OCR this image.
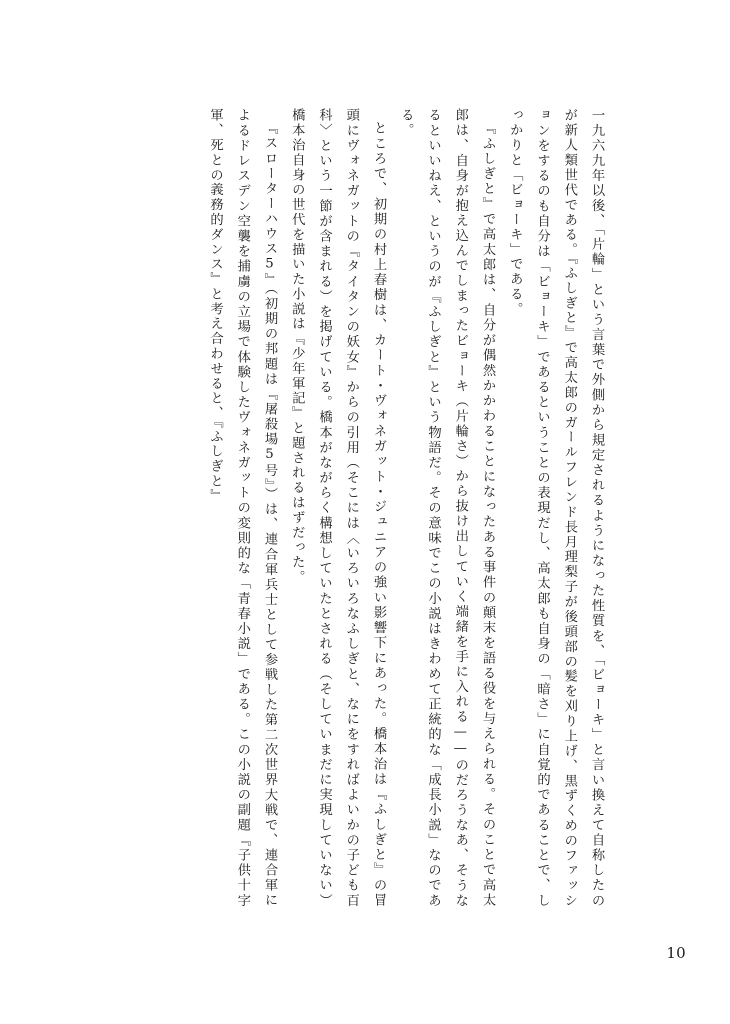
一九六九年以後、「片輪」という言葉で外側から規定されるようになった性質を、「ビョーキ」と言い換えて自称したのが新人類世代である。『ふしぎと』で高太郎のガールフレンド長月理梨子が後頭部の髪を刈り上げ、黒ずくめのファッションをするのも自分は「ビョーキ」であるということの表現だし、高太郎も自身の「暗さ」に自覚的であることで、しっかりと「ビョーキ」である。

『ふしぎと』で高太郎は、自分が偶然かかわることになったある事件の顛末を語る役を与えられる。そのことで高太郎は、自身が抱え込んでしまったビョーキ（片輪さ）から抜け出していく端緒を手に入れる——のだろうなあ、そうなるといいねえ、というのが『ふしぎと』という物語だ。その意味でこの小説はきわめて正統的な「成長小説」なのである。

ところで、初期の村上春樹は、カート・ヴォネガット・ジュニアの強い影響下にあった。橋本治は『ふしぎと』の冒頭にヴォネガットの『タイタンの妖女』からの引用（そこには〈いろいろなふしぎと、なにをすればよいかの子ども百科〉という一節が含まれる）を掲げている。橋本がながらく構想していたとされる（そしていまだに実現していない）橋本治自身の世代を描いた小説は『少年軍記』と題されるはずだった。

『スローターハウス5』（初期の邦題は『屠殺場5号』）は、連合軍兵士として参戦した第二次世界大戦で、連合軍によるドレスデン空襲を捕虜の立場で体験したヴォネガットの変則的な「青春小説」である。この小説の副題『子供十字軍、死との義務的ダンス』と考え合わせると、『ふしぎと』

10
